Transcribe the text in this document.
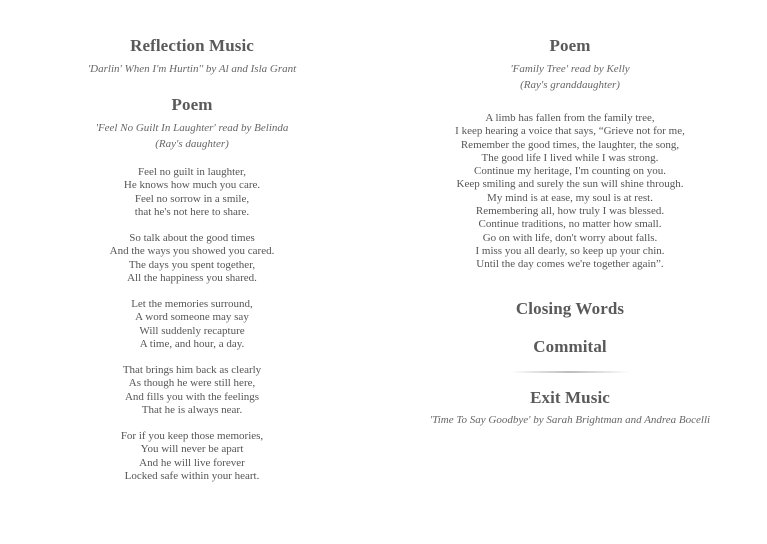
Reflection Music
'Darlin' When I'm Hurtin'' by Al and Isla Grant
Poem
'Feel No Guilt In Laughter' read by Belinda
(Ray's daughter)
Feel no guilt in laughter,
He knows how much you care.
Feel no sorrow in a smile,
that he's not here to share.
So talk about the good times
And the ways you showed you cared.
The days you spent together,
All the happiness you shared.
Let the memories surround,
A word someone may say
Will suddenly recapture
A time, and hour, a day.
That brings him back as clearly
As though he were still here,
And fills you with the feelings
That he is always near.
For if you keep those memories,
You will never be apart
And he will live forever
Locked safe within your heart.
Poem
'Family Tree' read by Kelly
(Ray's granddaughter)
A limb has fallen from the family tree,
I keep hearing a voice that says, “Grieve not for me,
Remember the good times, the laughter, the song,
The good life I lived while I was strong.
Continue my heritage, I'm counting on you.
Keep smiling and surely the sun will shine through.
My mind is at ease, my soul is at rest.
Remembering all, how truly I was blessed.
Continue traditions, no matter how small.
Go on with life, don't worry about falls.
I miss you all dearly, so keep up your chin.
Until the day comes we're together again”.
Closing Words
Commital
Exit Music
'Time To Say Goodbye' by Sarah Brightman and Andrea Bocelli
